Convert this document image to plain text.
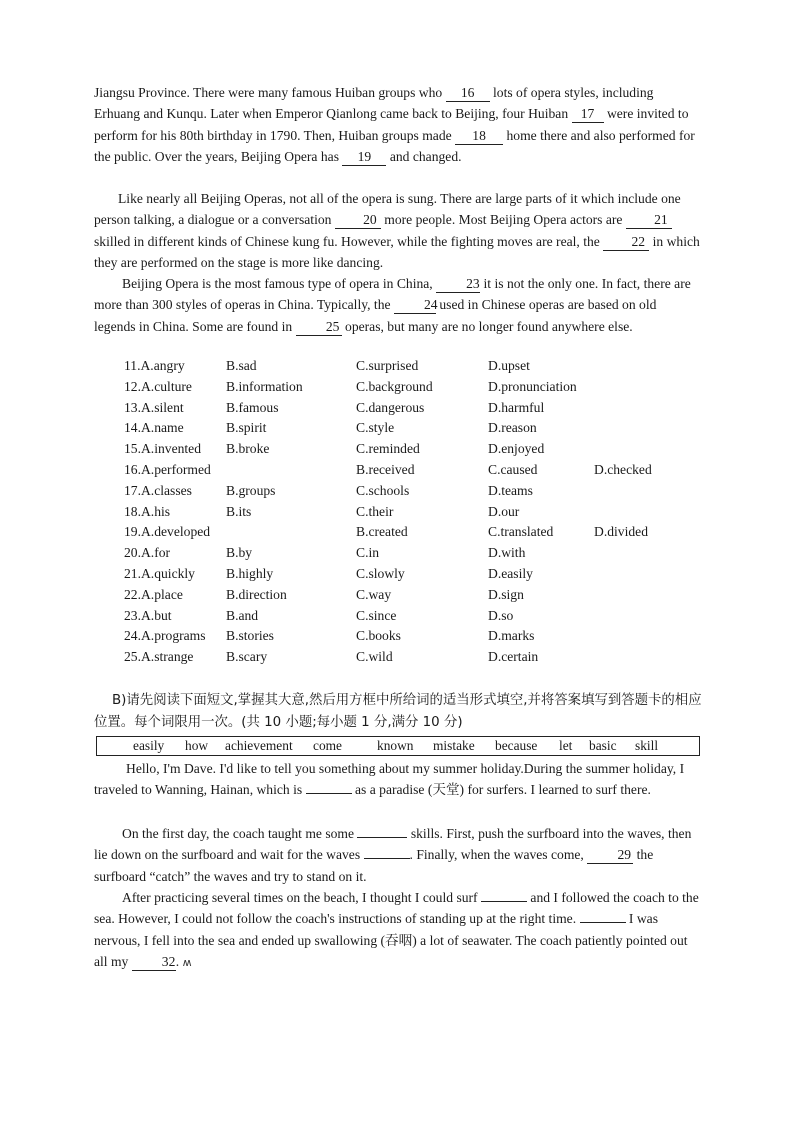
Jiangsu Province. There were many famous Huiban groups who 16 lots of opera styles, including Erhuang and Kunqu. Later when Emperor Qianlong came back to Beijing, four Huiban 17 were invited to perform for his 80th birthday in 1790. Then, Huiban groups made 18 home there and also performed for the public. Over the years, Beijing Opera has 19 and changed.

Like nearly all Beijing Operas, not all of the opera is sung. There are large parts of it which include one person talking, a dialogue or a conversation 20 more people. Most Beijing Opera actors are 21 skilled in different kinds of Chinese kung fu. However, while the fighting moves are real, the 22 in which they are performed on the stage is more like dancing.

Beijing Opera is the most famous type of opera in China, 23 it is not the only one. In fact, there are more than 300 styles of operas in China. Typically, the 24 used in Chinese operas are based on old legends in China. Some are found in 25 operas, but many are no longer found anywhere else.

11.A.angry	B.sad	C.surprised	D.upset
12.A.culture	B.information	C.background	D.pronunciation
13.A.silent	B.famous	C.dangerous	D.harmful
14.A.name	B.spirit	C.style	D.reason
15.A.invented B.broke	C.reminded	D.enjoyed
16.A.performed	B.received	C.caused	D.checked
17.A.classes	B.groups	C.schools	D.teams
18.A.his	B.its	C.their	D.our
19.A.developed	B.created	C.translated	D.divided
20.A.for	B.by	C.in	D.with
21.A.quickly B.highly	C.slowly	D.easily
22.A.place	B.direction	C.way	D.sign
23.A.but	B.and	C.since	D.so
24.A.programs B.stories	C.books	D.marks
25.A.strange B.scary	C.wild	D.certain

B)请先阅读下面短文,掌握其大意,然后用方框中所给词的适当形式填空,并将答案填写到答题卡的相应位置。每个词限用一次。(共 10 小题;每小题 1 分,满分 10 分)

easily how achievement come	known mistake because let basic skill

Hello, I'm Dave. I'd like to tell you something about my summer holiday.During the summer holiday, I traveled to Wanning, Hainan, which is	as a paradise (天堂) for surfers. I learned to surf there.

On the first day, the coach taught me some	skills. First, push the surfboard into the waves, then lie down on the surfboard and wait for the waves	. Finally, when the waves come, 29 the surfboard “catch” the waves and try to stand on it.

After practicing several times on the beach, I thought I could surf	and I followed the coach to the sea. However, I could not follow the coach's instructions of standing up at the right time.	I was nervous, I fell into the sea and ended up swallowing (吞咽) a lot of seawater. The coach patiently pointed out all my 32. ʍ
